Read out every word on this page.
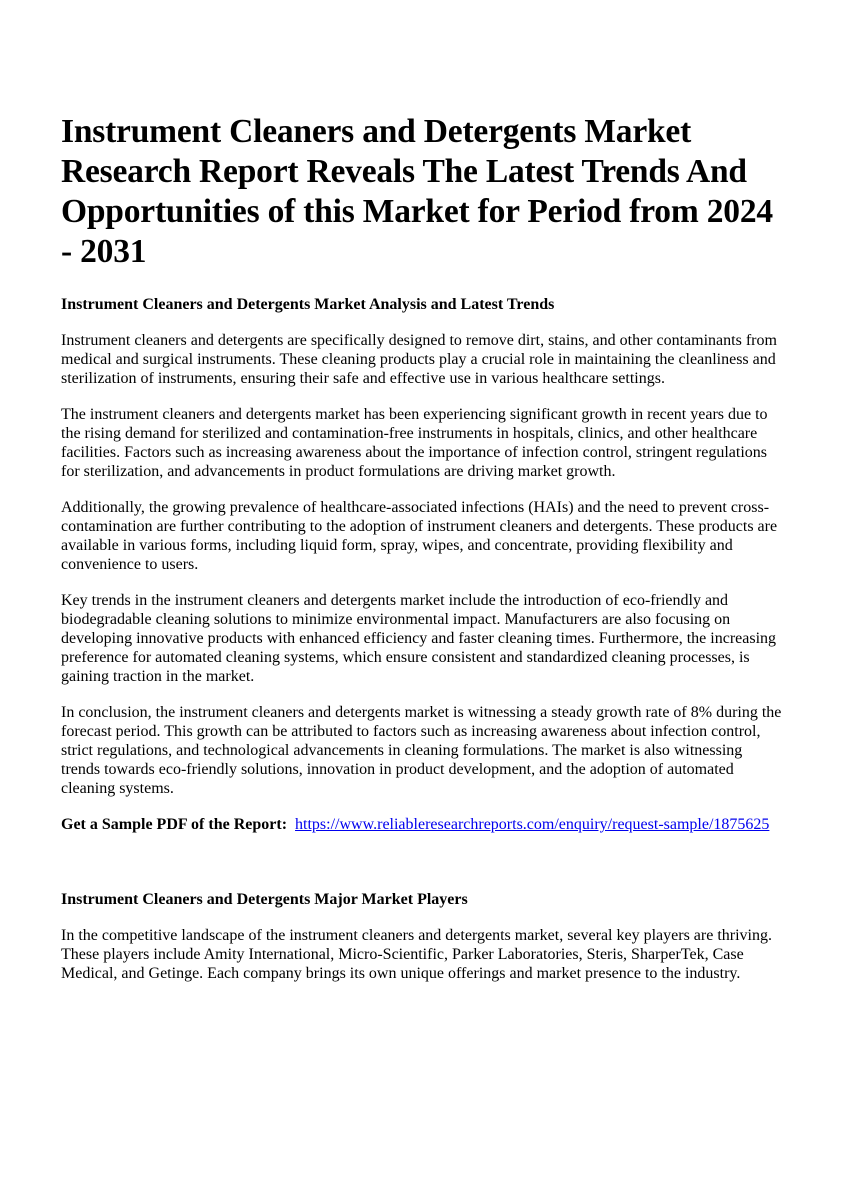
Instrument Cleaners and Detergents Market Research Report Reveals The Latest Trends And Opportunities of this Market for Period from 2024 - 2031
Instrument Cleaners and Detergents Market Analysis and Latest Trends

Instrument cleaners and detergents are specifically designed to remove dirt, stains, and other contaminants from medical and surgical instruments. These cleaning products play a crucial role in maintaining the cleanliness and sterilization of instruments, ensuring their safe and effective use in various healthcare settings.

The instrument cleaners and detergents market has been experiencing significant growth in recent years due to the rising demand for sterilized and contamination-free instruments in hospitals, clinics, and other healthcare facilities. Factors such as increasing awareness about the importance of infection control, stringent regulations for sterilization, and advancements in product formulations are driving market growth.

Additionally, the growing prevalence of healthcare-associated infections (HAIs) and the need to prevent cross-contamination are further contributing to the adoption of instrument cleaners and detergents. These products are available in various forms, including liquid form, spray, wipes, and concentrate, providing flexibility and convenience to users.

Key trends in the instrument cleaners and detergents market include the introduction of eco-friendly and biodegradable cleaning solutions to minimize environmental impact. Manufacturers are also focusing on developing innovative products with enhanced efficiency and faster cleaning times. Furthermore, the increasing preference for automated cleaning systems, which ensure consistent and standardized cleaning processes, is gaining traction in the market.

In conclusion, the instrument cleaners and detergents market is witnessing a steady growth rate of 8% during the forecast period. This growth can be attributed to factors such as increasing awareness about infection control, strict regulations, and technological advancements in cleaning formulations. The market is also witnessing trends towards eco-friendly solutions, innovation in product development, and the adoption of automated cleaning systems.

Get a Sample PDF of the Report: https://www.reliableresearchreports.com/enquiry/request-sample/1875625
Instrument Cleaners and Detergents Major Market Players

In the competitive landscape of the instrument cleaners and detergents market, several key players are thriving. These players include Amity International, Micro-Scientific, Parker Laboratories, Steris, SharperTek, Case Medical, and Getinge. Each company brings its own unique offerings and market presence to the industry.
